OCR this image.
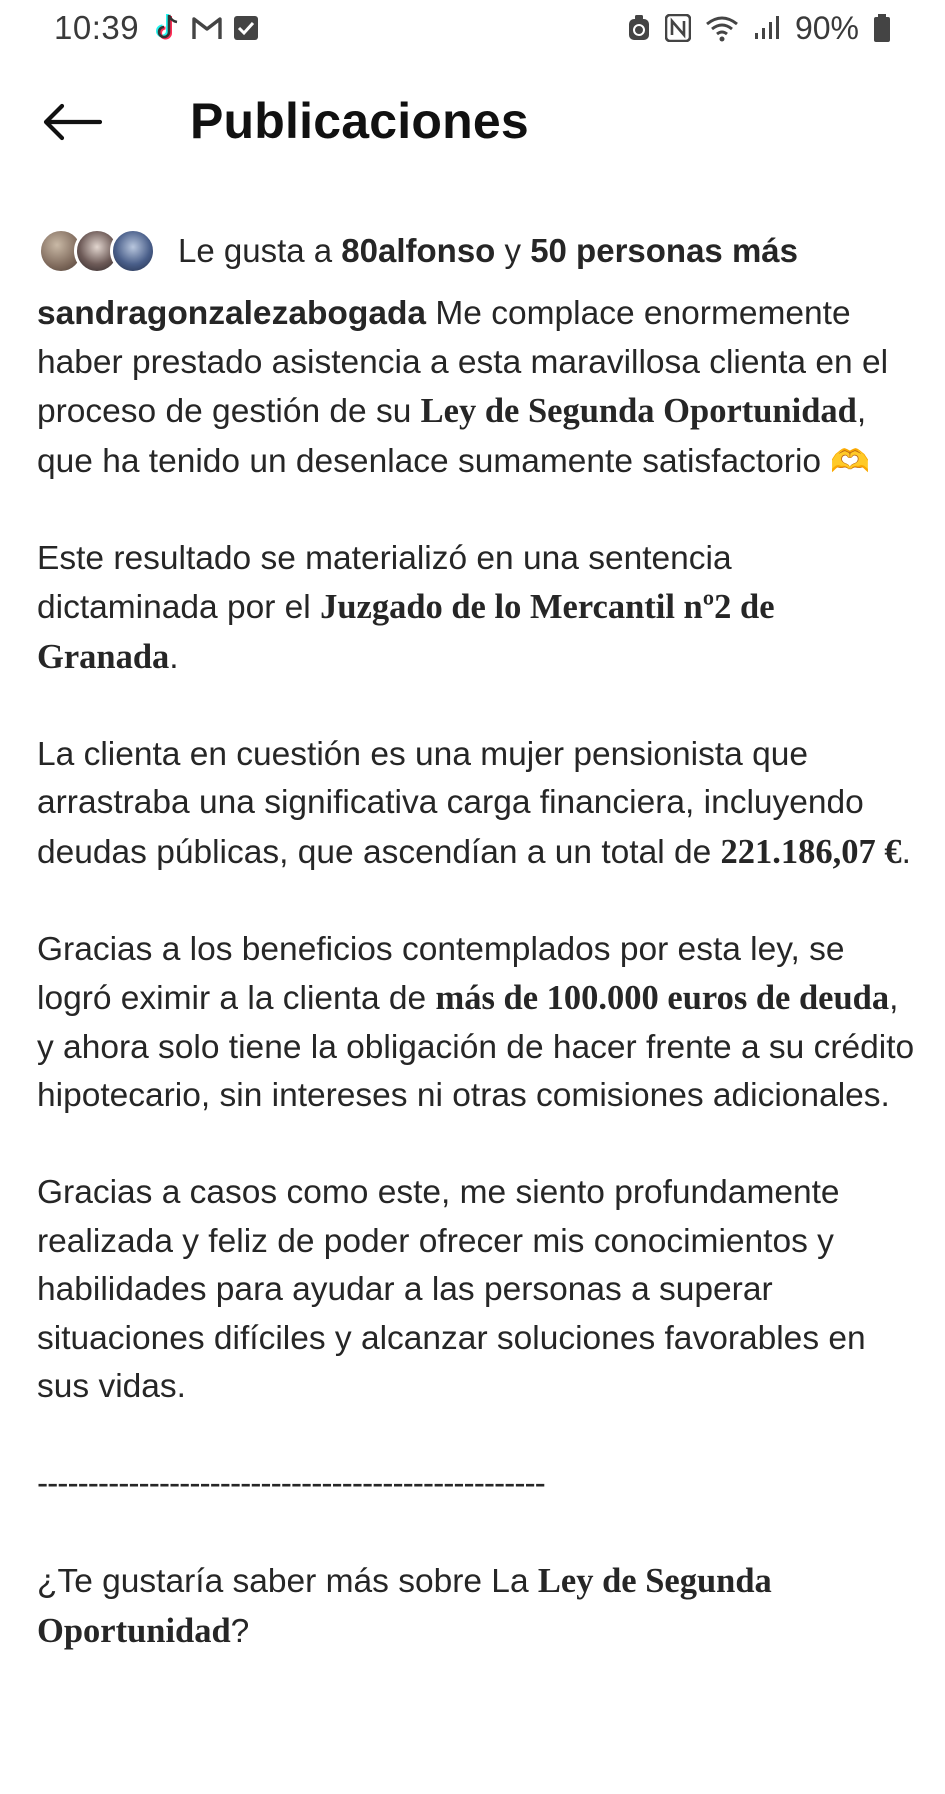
10:39	90%
Publicaciones
Le gusta a 80alfonso y 50 personas más

sandragonzalezabogada Me complace enormemente haber prestado asistencia a esta maravillosa clienta en el proceso de gestión de su Ley de Segunda Oportunidad, que ha tenido un desenlace sumamente satisfactorio 🫶

Este resultado se materializó en una sentencia dictaminada por el Juzgado de lo Mercantil nº2 de Granada.

La clienta en cuestión es una mujer pensionista que arrastraba una significativa carga financiera, incluyendo deudas públicas, que ascendían a un total de 221.186,07 €.

Gracias a los beneficios contemplados por esta ley, se logró eximir a la clienta de más de 100.000 euros de deuda, y ahora solo tiene la obligación de hacer frente a su crédito hipotecario, sin intereses ni otras comisiones adicionales.

Gracias a casos como este, me siento profundamente realizada y feliz de poder ofrecer mis conocimientos y habilidades para ayudar a las personas a superar situaciones difíciles y alcanzar soluciones favorables en sus vidas.

--------------------------------------------------

¿Te gustaría saber más sobre La Ley de Segunda Oportunidad?
